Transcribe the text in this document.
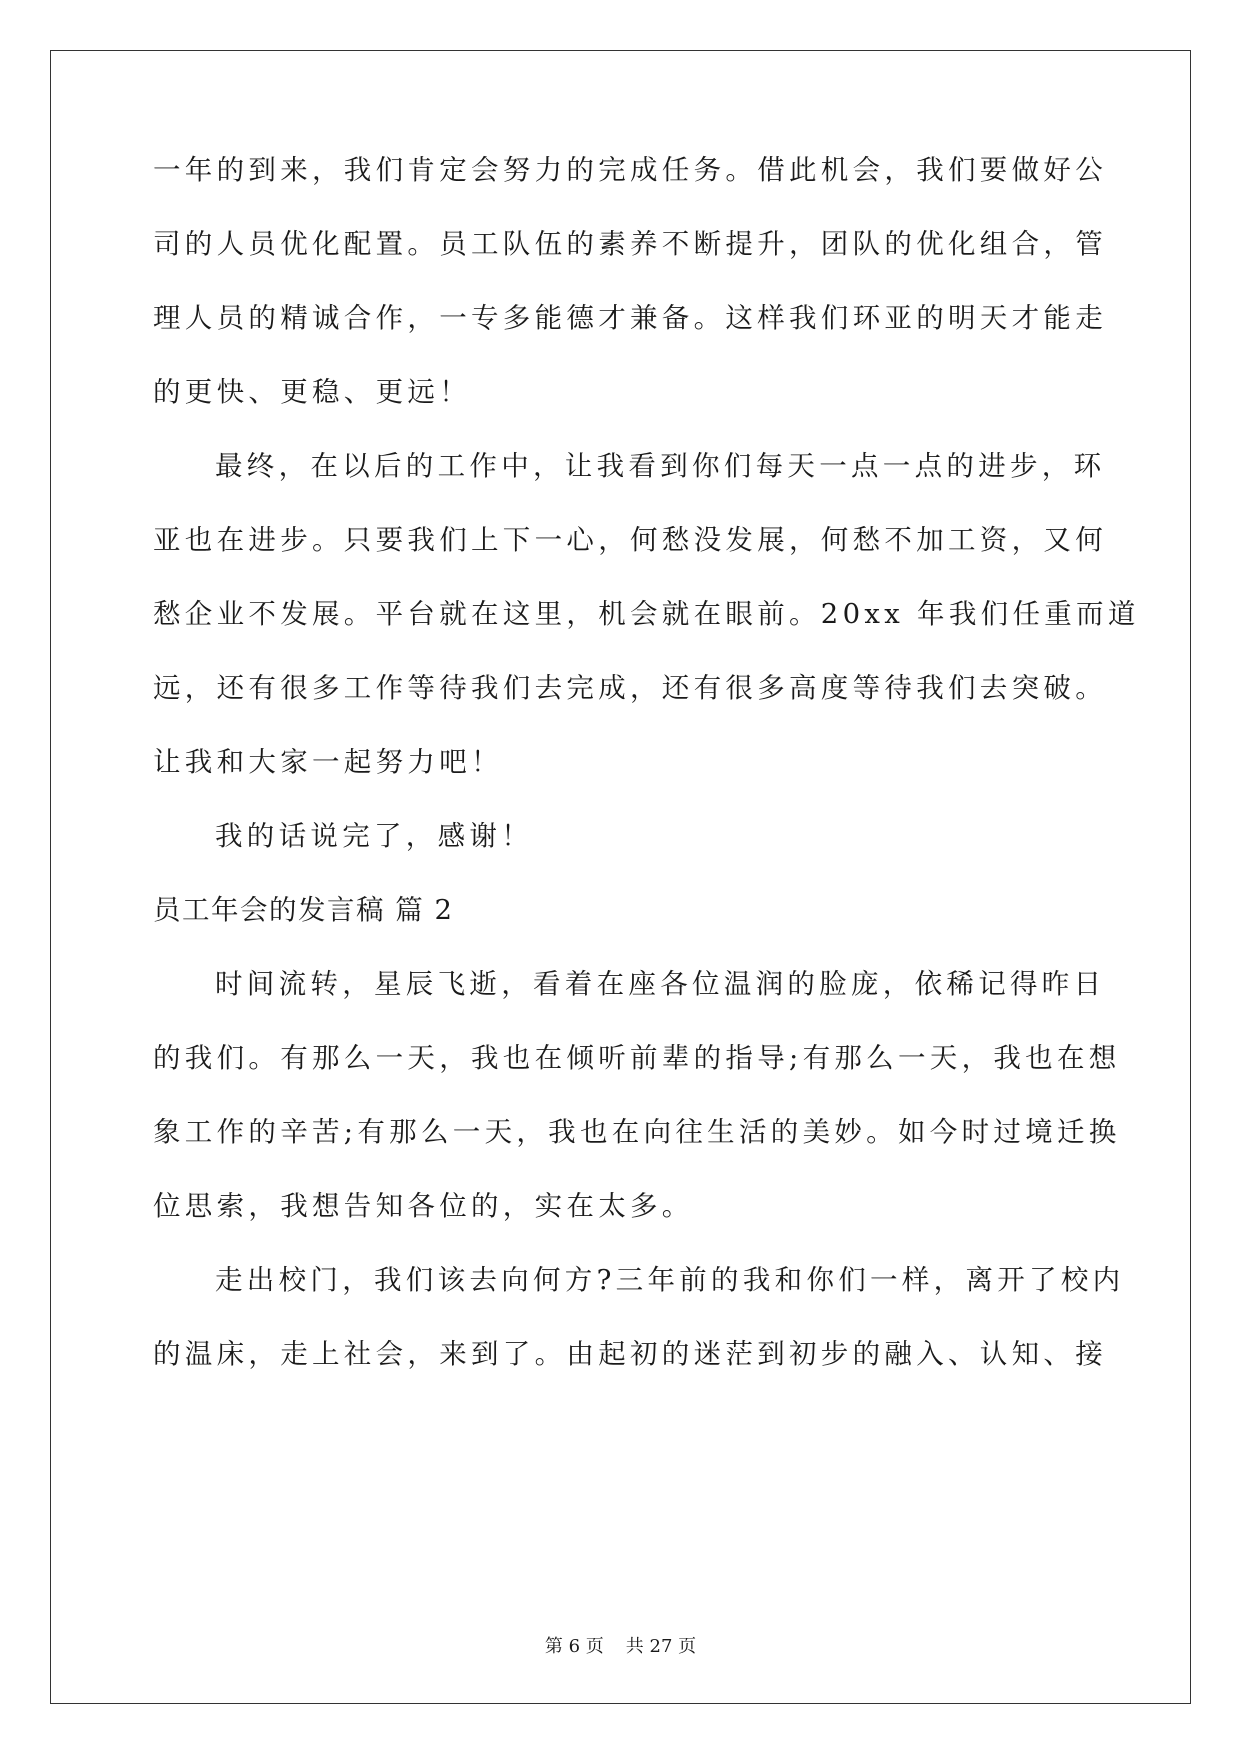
一年的到来，我们肯定会努力的完成任务。借此机会，我们要做好公
司的人员优化配置。员工队伍的素养不断提升，团队的优化组合，管
理人员的精诚合作，一专多能德才兼备。这样我们环亚的明天才能走
的更快、更稳、更远！
最终，在以后的工作中，让我看到你们每天一点一点的进步，环
亚也在进步。只要我们上下一心，何愁没发展，何愁不加工资，又何
愁企业不发展。平台就在这里，机会就在眼前。20xx 年我们任重而道
远，还有很多工作等待我们去完成，还有很多高度等待我们去突破。
让我和大家一起努力吧！
我的话说完了，感谢！
员工年会的发言稿 篇 2
时间流转，星辰飞逝，看着在座各位温润的脸庞，依稀记得昨日
的我们。有那么一天，我也在倾听前辈的指导;有那么一天，我也在想
象工作的辛苦;有那么一天，我也在向往生活的美妙。如今时过境迁换
位思索，我想告知各位的，实在太多。
走出校门，我们该去向何方?三年前的我和你们一样，离开了校内
的温床，走上社会，来到了。由起初的迷茫到初步的融入、认知、接
第 6 页 共 27 页
